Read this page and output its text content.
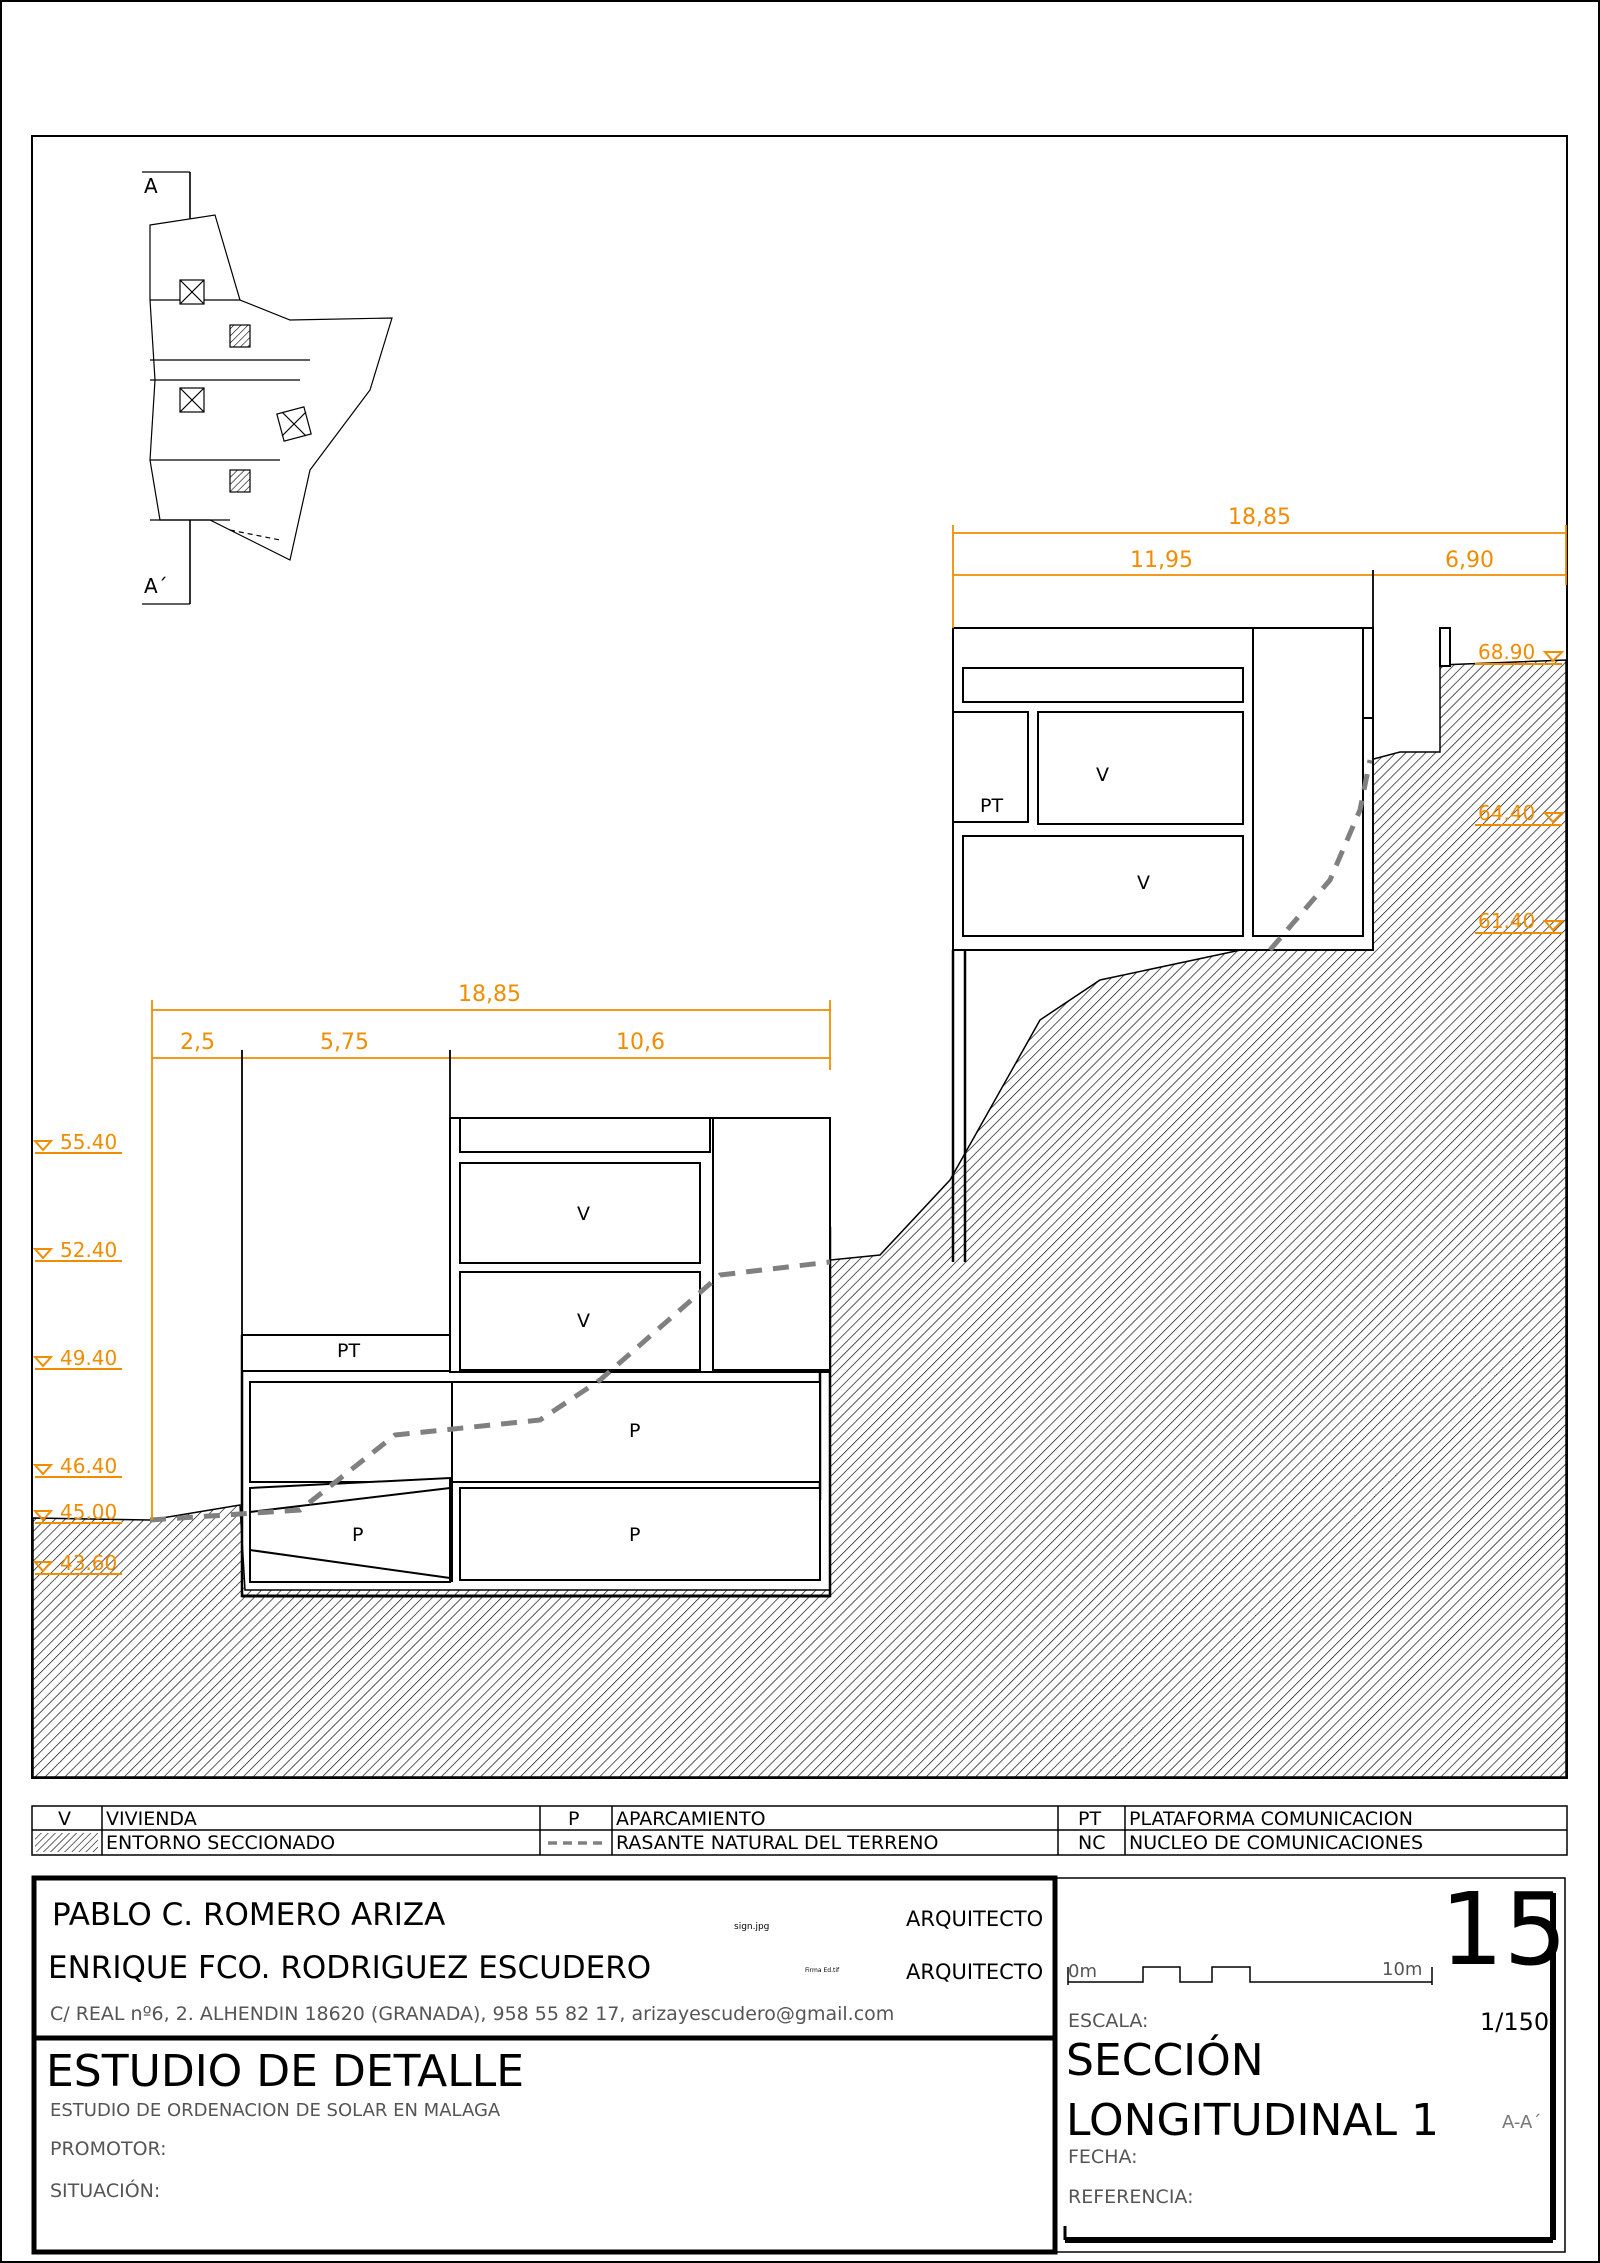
A
A´
18,85
2,5	5,75	10,6
18,85
11,95	6,90
55.40
52.40
49.40
46.40
45.00
43.60
68.90
64.40
61.40
PT
V
V
P
P
P
PT
V
V
V VIVIENDA	P APARCAMIENTO	PT PLATAFORMA COMUNICACION
ENTORNO SECCIONADO	RASANTE NATURAL DEL TERRENO	NC NUCLEO DE COMUNICACIONES
PABLO C. ROMERO ARIZA	sign.jpg	ARQUITECTO
ENRIQUE FCO. RODRIGUEZ ESCUDERO	Firma Ed.tif	ARQUITECTO
C/ REAL nº6, 2. ALHENDIN 18620 (GRANADA), 958 55 82 17, arizayescudero@gmail.com
ESTUDIO DE DETALLE
ESTUDIO DE ORDENACION DE SOLAR EN MALAGA
PROMOTOR:
SITUACIÓN:
0m	10m 15
ESCALA:	1/150
SECCIÓN
LONGITUDINAL 1	A-A´
FECHA:
REFERENCIA:
